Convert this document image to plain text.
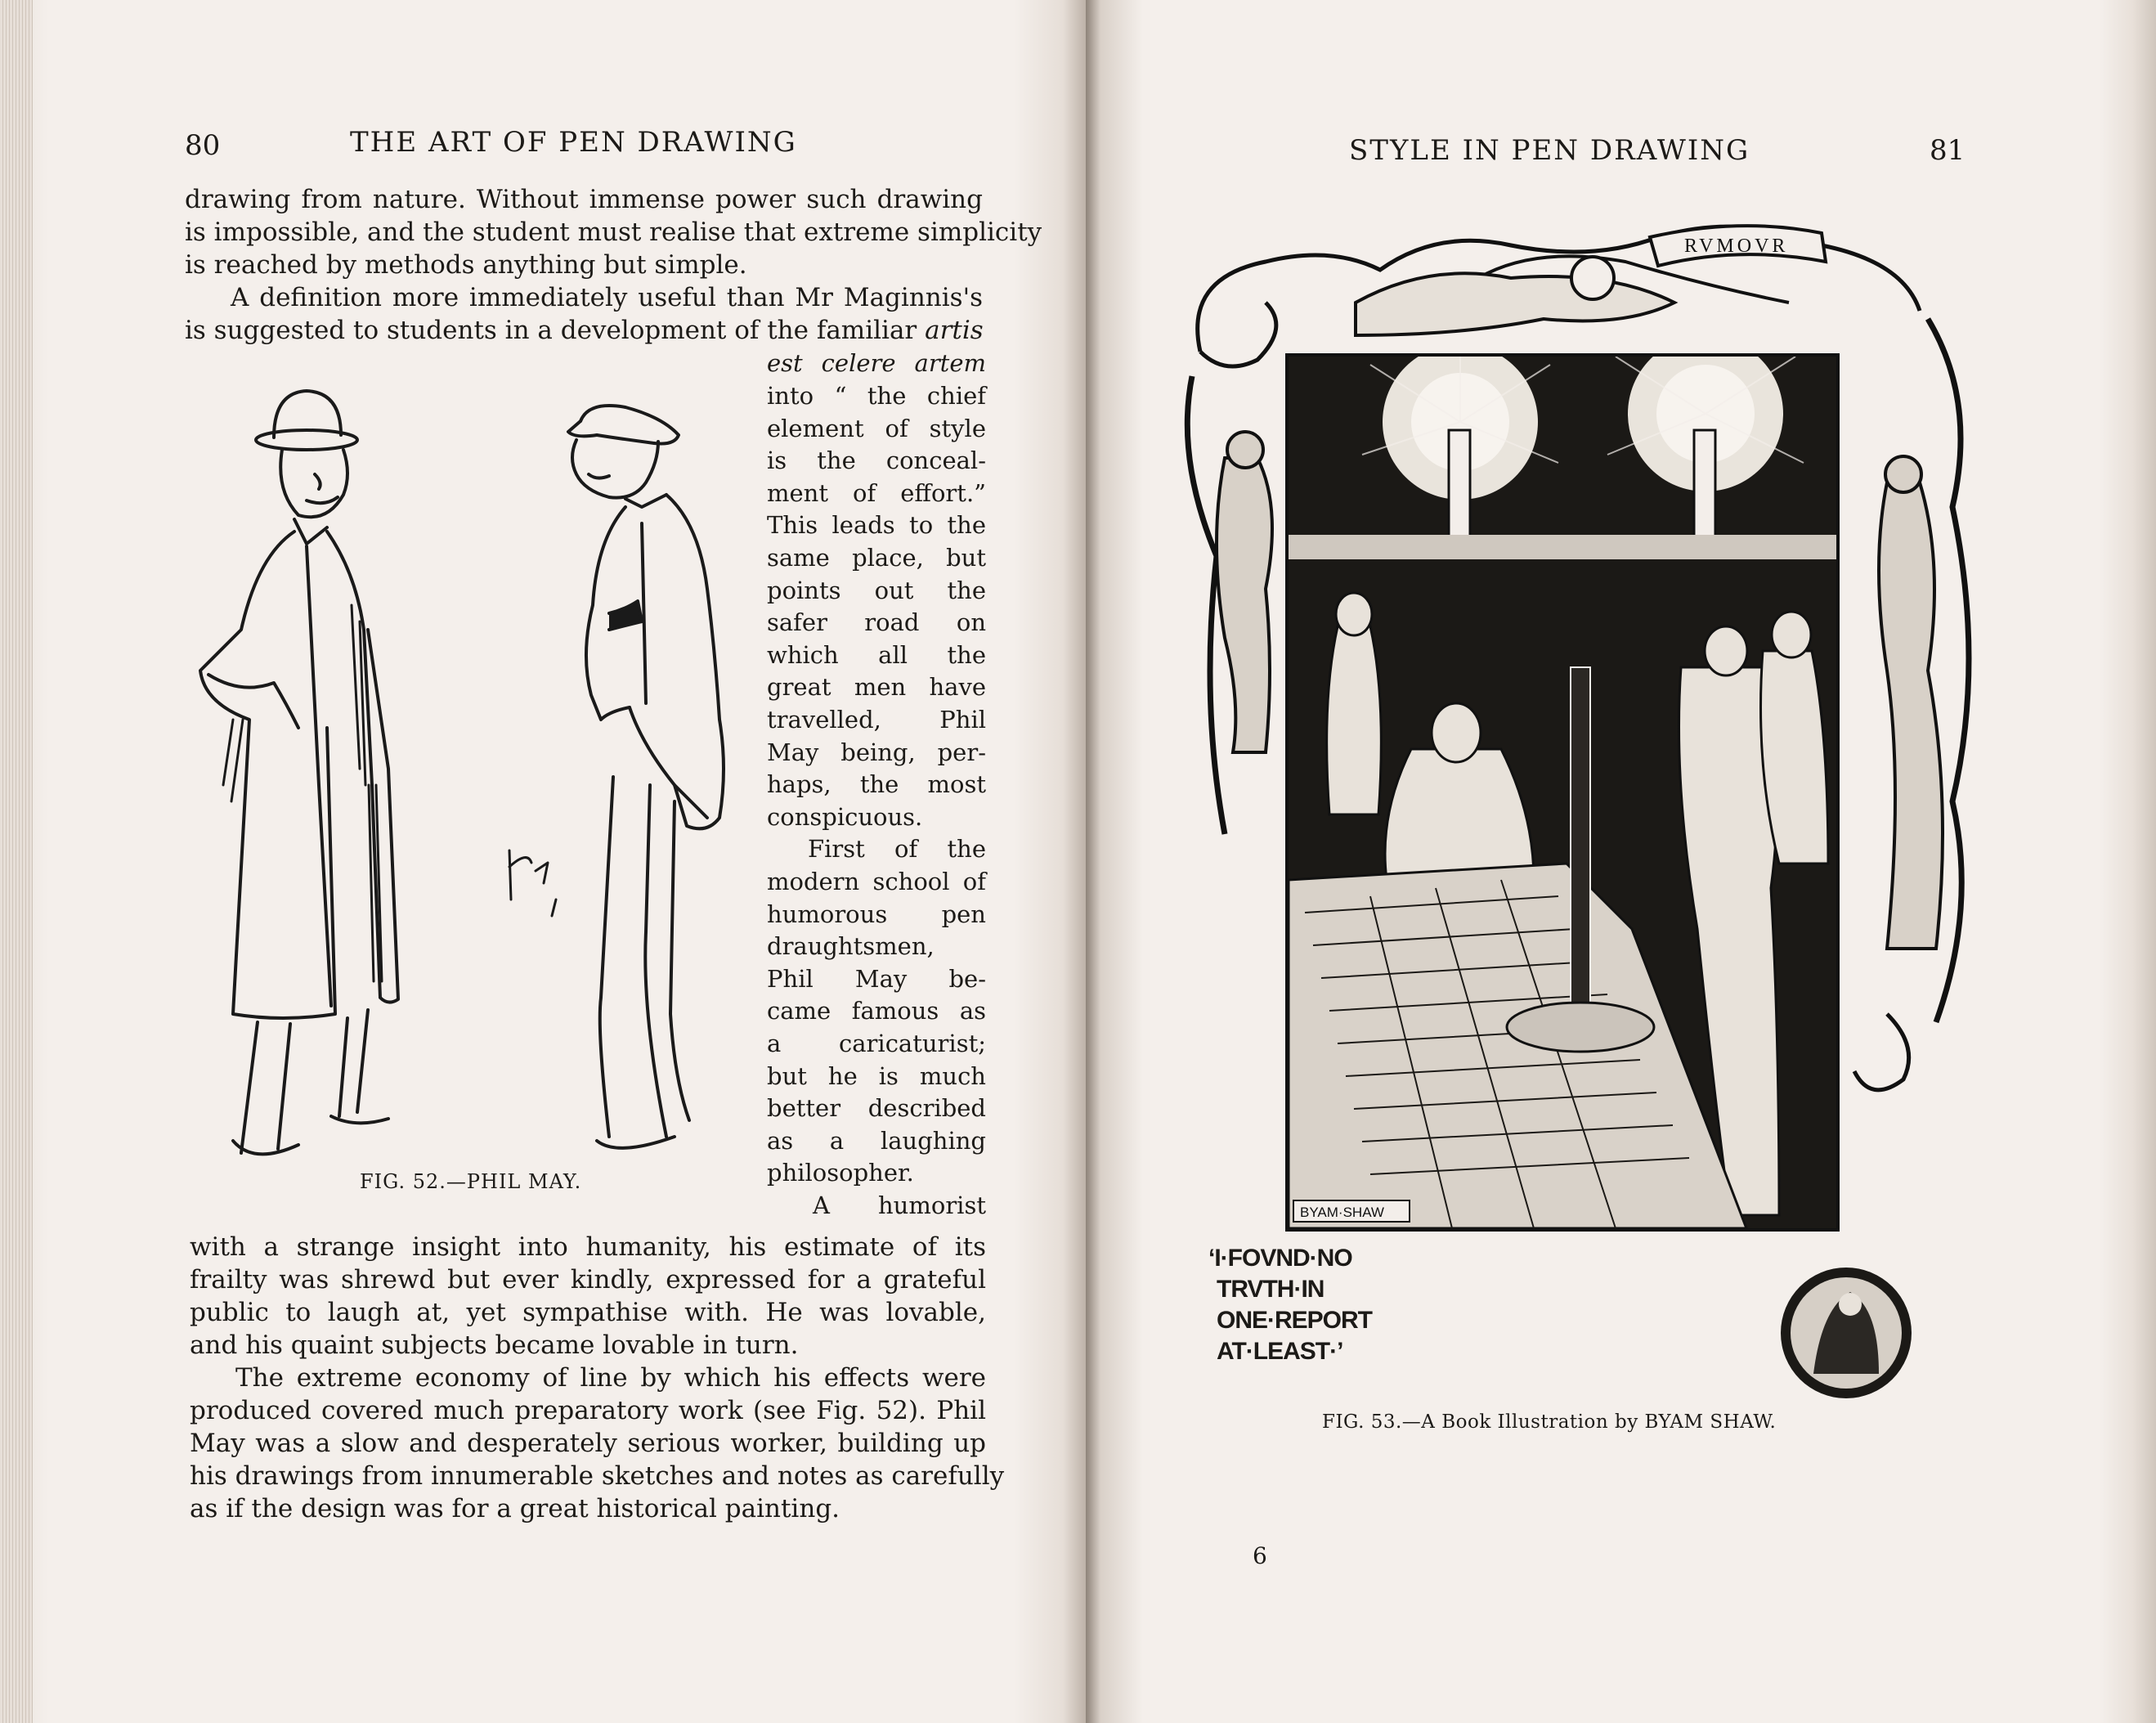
80	THE ART OF PEN DRAWING
drawing from nature. Without immense power such drawing
is impossible, and the student must realise that extreme simplicity
is reached by methods anything but simple.
A definition more immediately useful than Mr Maginnis's
is suggested to students in a development of the familiar artis
FIG. 52.—PHIL MAY.
est celere artem
into “ the chief
element of style
is the conceal-
ment of effort.”
This leads to the
same place, but
points out the
safer road on
which all the
great men have
travelled, Phil
May being, per-
haps, the most
conspicuous.
First of the
modern school of
humorous pen
draughtsmen,
Phil May be-
came famous as
a caricaturist;
but he is much
better described
as a laughing
philosopher.
A humorist
with a strange insight into humanity, his estimate of its
frailty was shrewd but ever kindly, expressed for a grateful
public to laugh at, yet sympathise with. He was lovable,
and his quaint subjects became lovable in turn.
The extreme economy of line by which his effects were
produced covered much preparatory work (see Fig. 52). Phil
May was a slow and desperately serious worker, building up
his drawings from innumerable sketches and notes as carefully
as if the design was for a great historical painting.
STYLE IN PEN DRAWING	81
RVMOVR
BYAM·SHAW
‘I·FOVND·NO
TRVTH·IN
ONE·REPORT
AT·LEAST·’
FIG. 53.—A Book Illustration by BYAM SHAW.
6
